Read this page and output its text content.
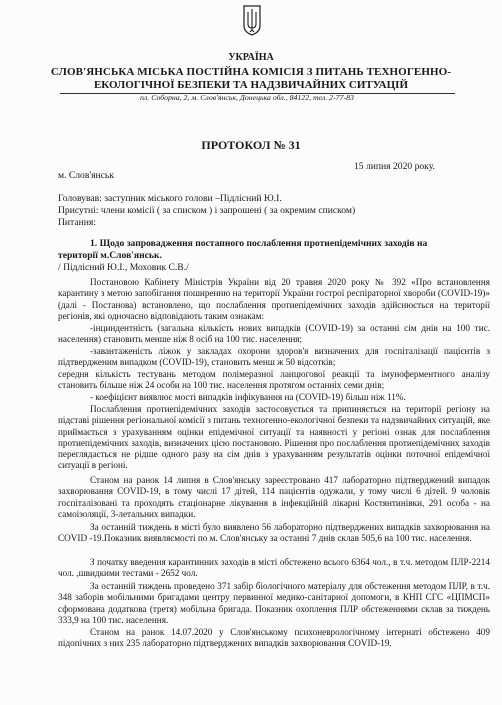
УКРАЇНА
СЛОВ'ЯНСЬКА МІСЬКА ПОСТІЙНА КОМІСІЯ З ПИТАНЬ ТЕХНОГЕННО-
ЕКОЛОГІЧНОЇ БЕЗПЕКИ ТА НАДЗВИЧАЙНИХ СИТУАЦІЙ
пл. Соборна, 2, м. Слов'янськ, Донецька обл., 84122, тел. 2-77-83
ПРОТОКОЛ № 31
15 липня 2020 року.
м. Слов'янськ
Головував: заступник міського голови –Підлісний Ю.І.
Присутні: члени комісії ( за списком ) і запрошені ( за окремим списком)
Питання:
1. Щодо запровадження постапного послаблення протиепідемічних заходів на
території м.Слов'янськ.
/ Підлісний Ю.І., Моховик С.В./
Постановою Кабінету Міністрів України від 20 травня 2020 року № 392 «Про встановлення карантину з метою запобігання поширенню на території України гострої респіраторної хвороби (COVID-19)» (далі - Постанова) встановлено, що послаблення протиепідемічних заходів здійснюється на території регіонів, які одночасно відповідають таким ознакам:
-інциндентність (загальна кількість нових випадків (COVID-19) за останні сім днів на 100 тис. населення) становить менше ніж 8 осіб на 100 тис. населення;
-завантаженість ліжок у закладах охорони здоров'я визначених для госпіталізації пацієнтів з підтвердженим випадком (COVID-19), становить менш ж 50 відсотків;
середня кількість тестувань методом полімеразної ланцюгової реакції та імуноферментного аналізу становить більше ніж 24 особи на 100 тис. населення протягом останніх семи днів;
- коефіцієнт виявлює мості випадків інфікування на (COVID-19) більш ніж 11%.
Послаблення протиепідемічних заходів застосовується та припиняється на території регіону на підставі рішення регіональної комісії з питань техногенно-екологічної безпеки та надзвичайних ситуацій, яке приймається з урахуванням оцінки епідемічної ситуації та наявності у регіоні ознак для послаблення протиепідемічних заходів, визначених цією постановою. Рішення про послаблення протиепідемічних заходів переглядається не рідше одного разу на сім днів з урахуванням результатів оцінки поточної епідемічної ситуації в регіоні.
Станом на ранок 14 липня в Слов'янську зареєстровано 417 лабораторно підтверджений випадок захворювання COVID-19, в тому числі 17 дітей, 114 пацієнтів одужали, у тому числі 6 дітей. 9 чоловік госпіталізовані та проходять стаціонарне лікування в інфекційній лікарні Костянтинівки, 291 особа - на самоізоляції, 3-летальних випадки.
За останній тиждень в місті було виявлено 56 лабораторно підтверджених випадків захворювання на COVID -19.Показник виявляємості по м. Слов'янську за останні 7 днів склав 505,6 на 100 тис. населення.
З початку введення карантинних заходів в місті обстежено всього 6364 чол., в т.ч. методом ПЛР-2214 чол. ,швидкими тестами - 2652 чол.
За останній тиждень проведено 371 забір біологічного матеріалу для обстеження методом ПЛР, в т.ч. 348 заборів мобільними бригадами центру первинної медико-санітарної допомоги, в КНП СГС «ЦПМСП» сформована додаткова (третя) мобільна бригада. Показник охоплення ПЛР обстеженнями склав за тиждень 333,9 на 100 тис. населення.
Станом на ранок 14.07.2020 у Слов'янському психоневрологічному інтернаті обстежено 409 підопічних з них 235 лабораторно підтверджених випадків захворювання COVID-19.
